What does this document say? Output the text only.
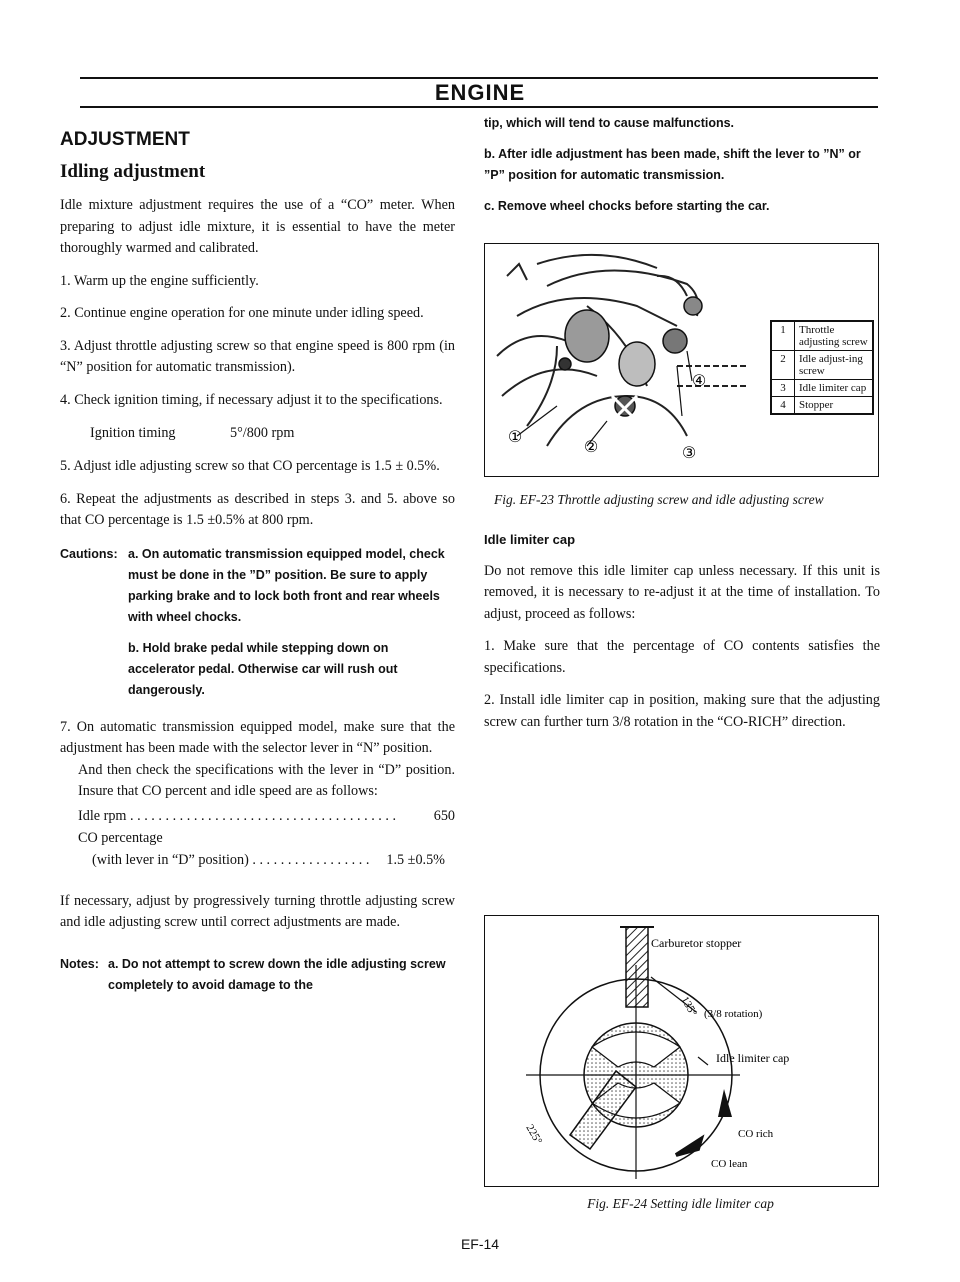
ENGINE
ADJUSTMENT
Idling adjustment

Idle mixture adjustment requires the use of a “CO” meter. When preparing to adjust idle mixture, it is essential to have the meter thoroughly warmed and calibrated.

1. Warm up the engine sufficiently.

2. Continue engine operation for one minute under idling speed.

3. Adjust throttle adjusting screw so that engine speed is 800 rpm (in “N” position for automatic transmission).

4. Check ignition timing, if necessary adjust it to the specifications.

Ignition timing	5°/800 rpm

5. Adjust idle adjusting screw so that CO percentage is 1.5 ± 0.5%.

6. Repeat the adjustments as described in steps 3. and 5. above so that CO percentage is 1.5 ±0.5% at 800 rpm.

Cautions: a. On automatic transmission equipped model, check must be done in the ”D” position. Be sure to apply parking brake and to lock both front and rear wheels with wheel chocks.

b. Hold brake pedal while stepping down on accelerator pedal. Otherwise car will rush out dangerously.

7. On automatic transmission equipped model, make sure that the adjustment has been made with the selector lever in “N” position.

And then check the specifications with the lever in “D” position. Insure that CO percent and idle speed are as follows:

Idle rpm . . . . . . . . . . . . . . . . . . . . . . . . . . . . . . . . . . . . . .	650
CO percentage
(with lever in “D” position) . . . . . . . . . . . . . . . . .	1.5 ±0.5%

If necessary, adjust by progressively turning throttle adjusting screw and idle adjusting screw until correct adjustments are made.

Notes: a. Do not attempt to screw down the idle adjusting screw completely to avoid damage to the

tip, which will tend to cause malfunctions.

b. After idle adjustment has been made, shift the lever to ”N” or ”P” position for automatic transmission.

c. Remove wheel chocks before starting the car.

①
②	③
④
1	Throttle adjusting screw
2	Idle adjust-ing screw
3	Idle limiter cap
4	Stopper

Fig. EF-23 Throttle adjusting screw and idle adjusting screw

Idle limiter cap

Do not remove this idle limiter cap unless necessary. If this unit is removed, it is necessary to re-adjust it at the time of installation. To adjust, proceed as follows:

1. Make sure that the percentage of CO contents satisfies the specifications.

2. Install idle limiter cap in position, making sure that the adjusting screw can further turn 3/8 rotation in the “CO-RICH” direction.

Carburetor stopper
(3/8 rotation)
135°
225°
Idle limiter cap
CO rich
CO lean

Fig. EF-24 Setting idle limiter cap

EF-14
